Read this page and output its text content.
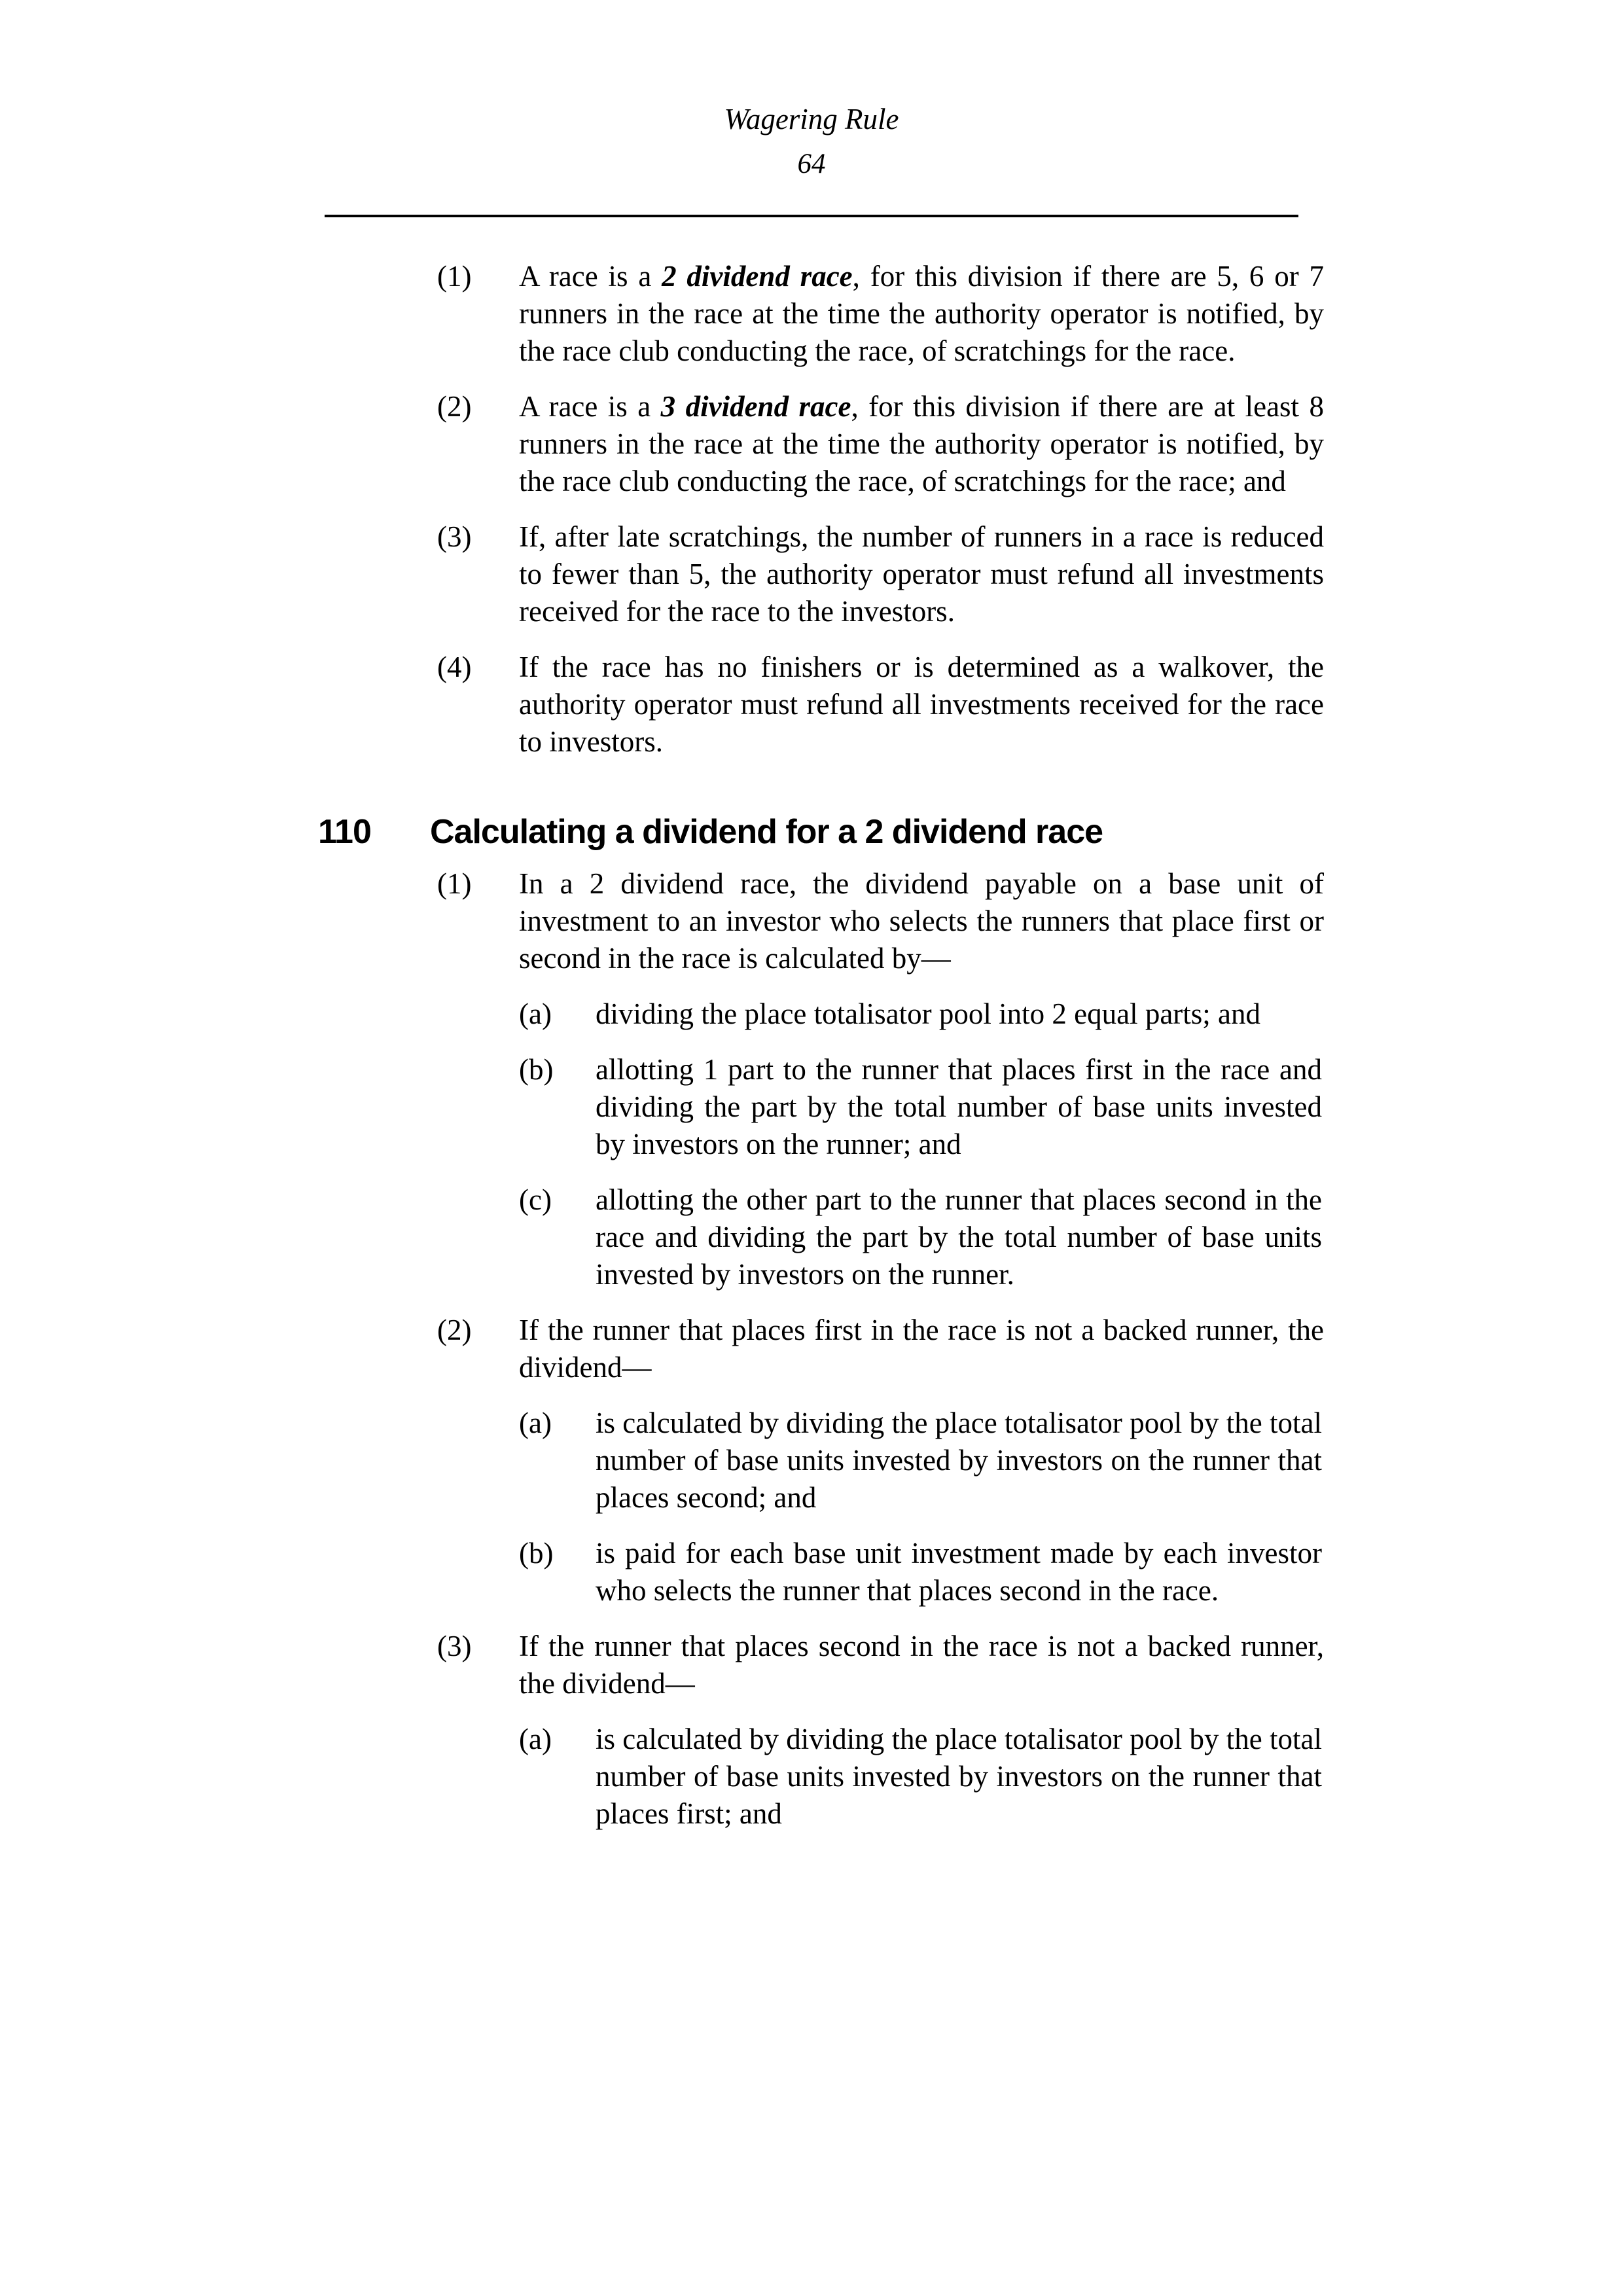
Wagering Rule
64
(1)	A race is a 2 dividend race, for this division if there are 5, 6 or 7 runners in the race at the time the authority operator is notified, by the race club conducting the race, of scratchings for the race.
(2)	A race is a 3 dividend race, for this division if there are at least 8 runners in the race at the time the authority operator is notified, by the race club conducting the race, of scratchings for the race; and
(3)	If, after late scratchings, the number of runners in a race is reduced to fewer than 5, the authority operator must refund all investments received for the race to the investors.
(4)	If the race has no finishers or is determined as a walkover, the authority operator must refund all investments received for the race to investors.
110	Calculating a dividend for a 2 dividend race
(1)	In a 2 dividend race, the dividend payable on a base unit of investment to an investor who selects the runners that place first or second in the race is calculated by—
(a)	dividing the place totalisator pool into 2 equal parts; and
(b)	allotting 1 part to the runner that places first in the race and dividing the part by the total number of base units invested by investors on the runner; and
(c)	allotting the other part to the runner that places second in the race and dividing the part by the total number of base units invested by investors on the runner.
(2)	If the runner that places first in the race is not a backed runner, the dividend—
(a)	is calculated by dividing the place totalisator pool by the total number of base units invested by investors on the runner that places second; and
(b)	is paid for each base unit investment made by each investor who selects the runner that places second in the race.
(3)	If the runner that places second in the race is not a backed runner, the dividend—
(a)	is calculated by dividing the place totalisator pool by the total number of base units invested by investors on the runner that places first; and
